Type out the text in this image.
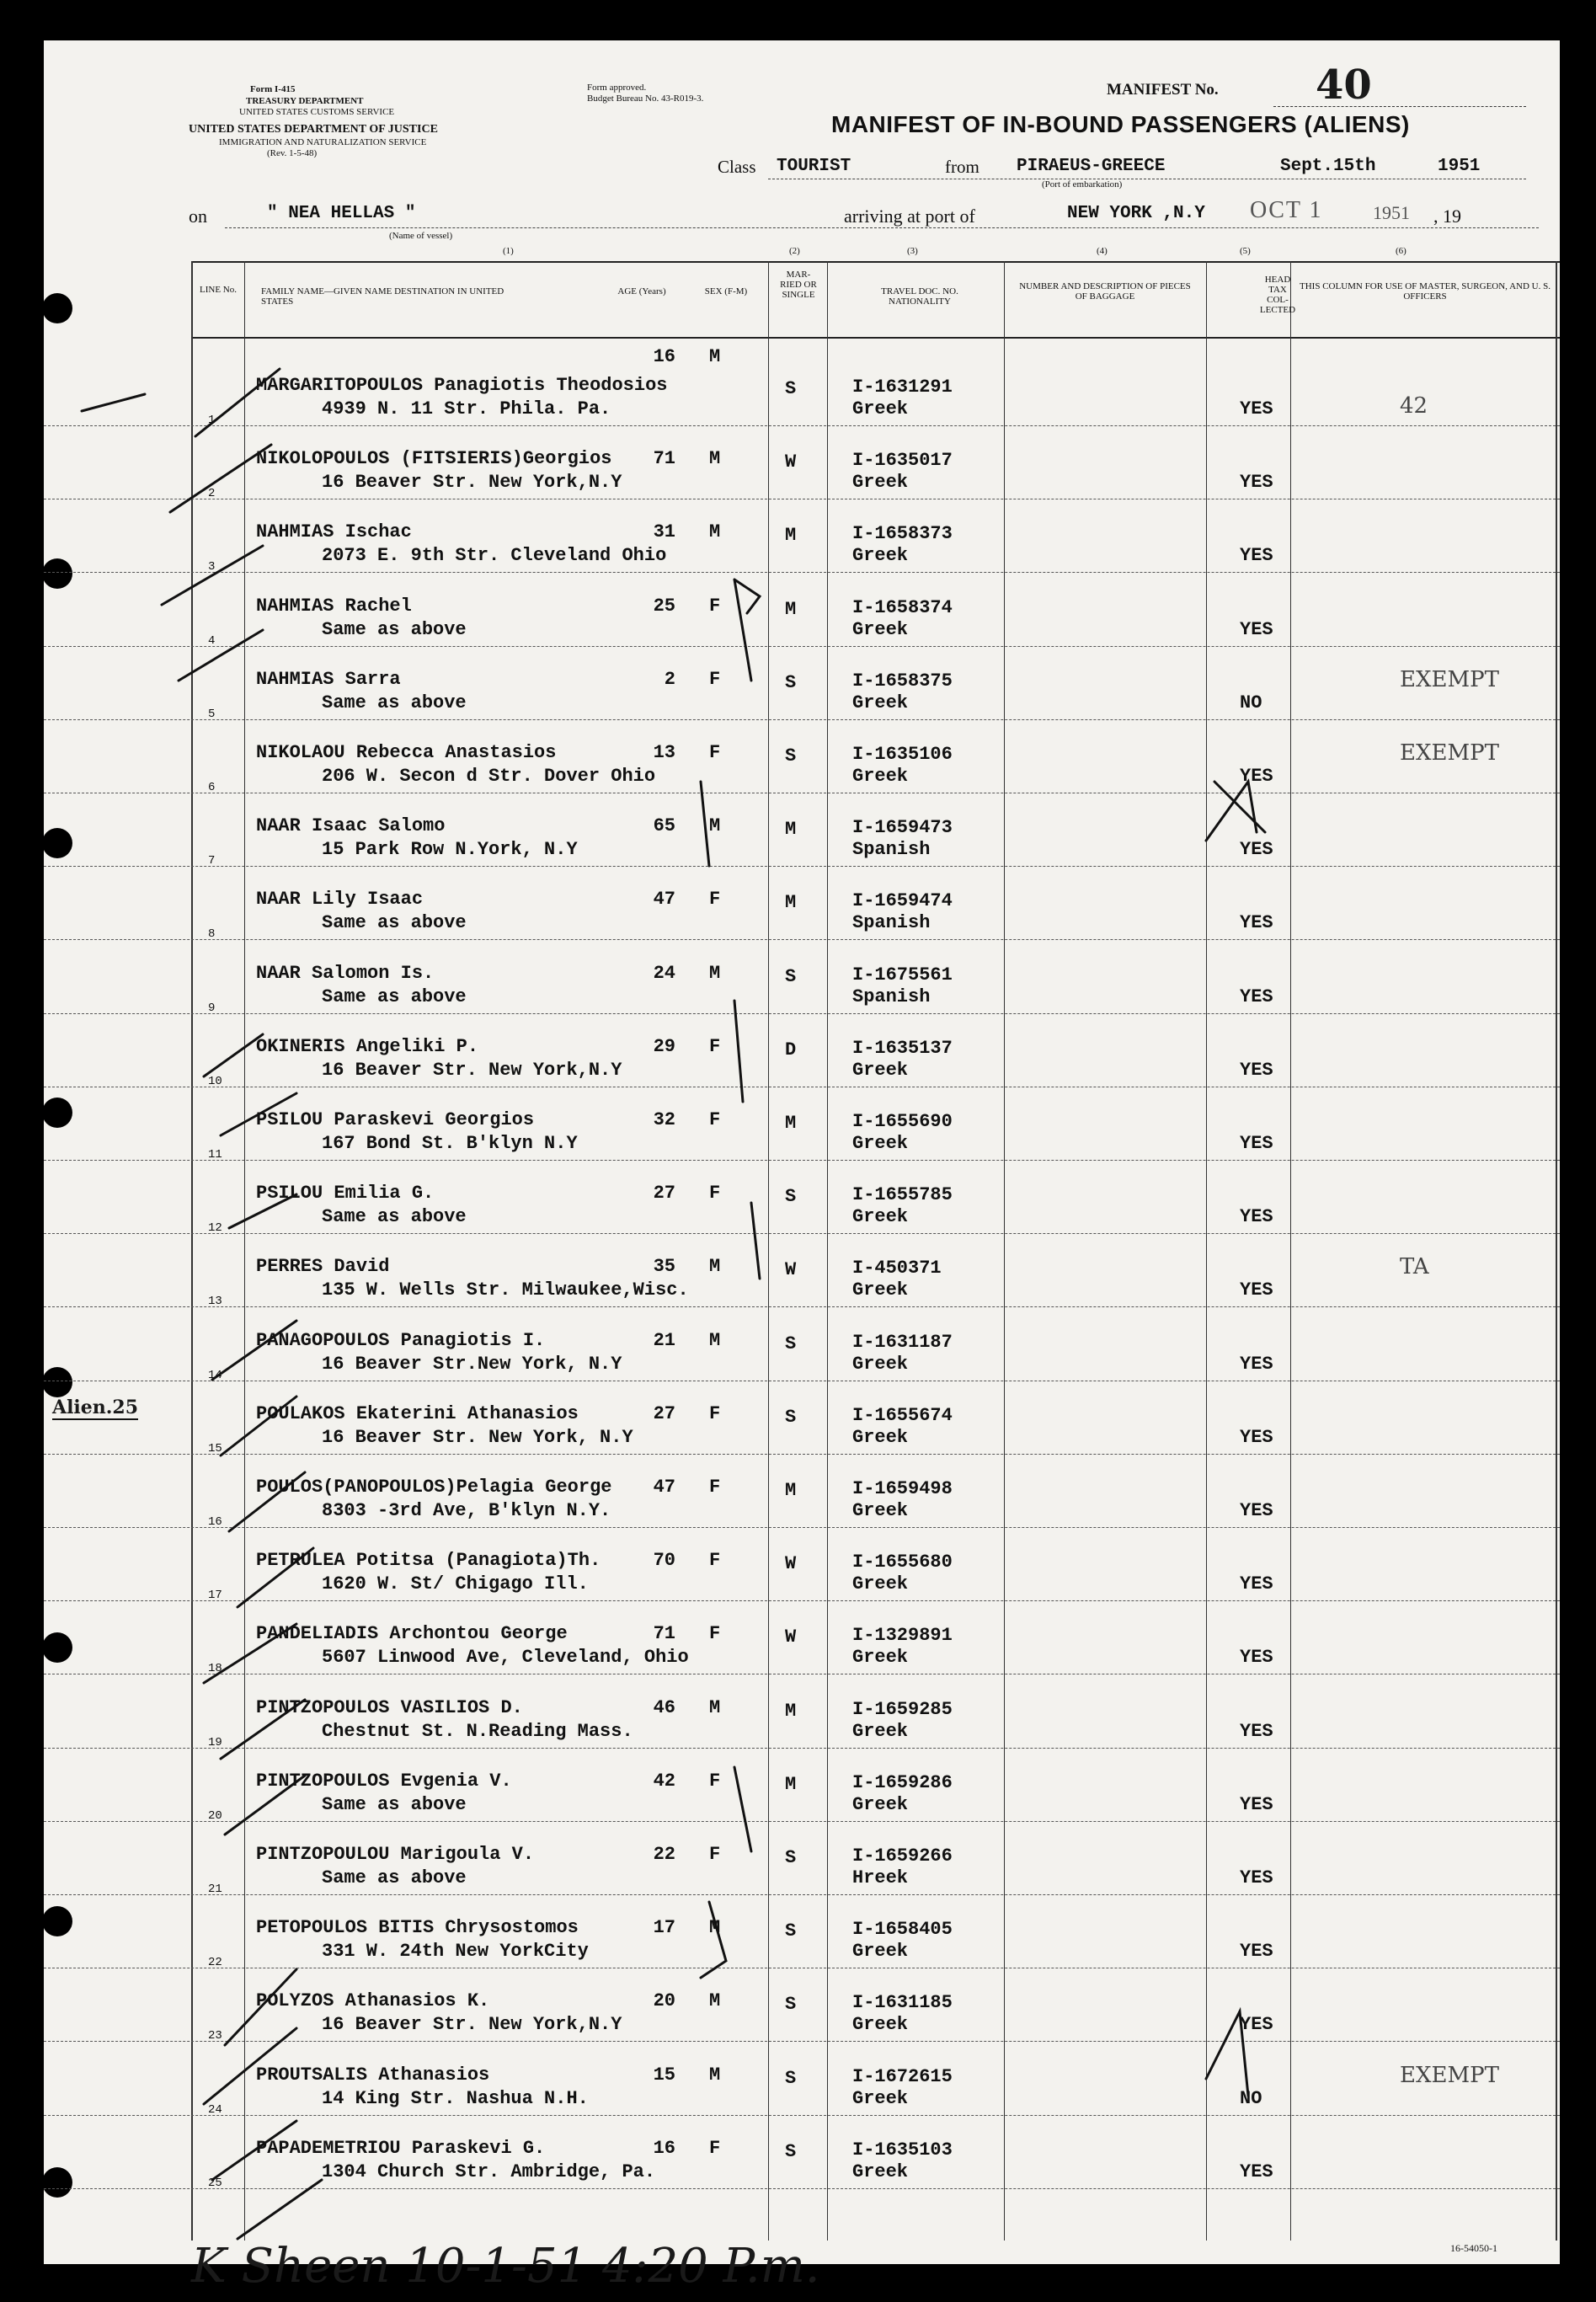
Form I-415
TREASURY DEPARTMENT
UNITED STATES CUSTOMS SERVICE
UNITED STATES DEPARTMENT OF JUSTICE
IMMIGRATION AND NATURALIZATION SERVICE
(Rev. 1-5-48)
Form approved.
Budget Bureau No. 43-R019-3.	MANIFEST No. 40
MANIFEST OF IN-BOUND PASSENGERS (ALIENS)
Class TOURIST	from PIRAEUS-GREECE
(Port of embarkation)
Sept.15th	1951
on	" NEA HELLAS "
(Name of vessel)
arriving at port of	NEW YORK ,N.Y OCT 1	1951 , 19
(1)	(2)	(3)	(4)	(5)	(6)
LINE No.	FAMILY NAME—GIVEN NAME DESTINATION IN UNITED STATES
AGE (Years)	SEX (F-M)
MAR- RIED OR SINGLE	TRAVEL DOC. NO. NATIONALITY
NUMBER AND DESCRIPTION OF PIECES OF BAGGAGE
HEAD TAX COL- LECTED
THIS COLUMN FOR USE OF MASTER, SURGEON, AND U. S. OFFICERS
1
MARGARITOPOULOS Panagiotis Theodosios
4939 N. 11 Str. Phila. Pa.
16 M
S	I-1631291
Greek	YES	42
2
NIKOLOPOULOS (FITSIERIS)Georgios
16 Beaver Str. New York,N.Y
71 M	W	I-1635017
Greek	YES
3
NAHMIAS Ischac
2073 E. 9th Str. Cleveland Ohio
31 M	M	I-1658373
Greek	YES
4
NAHMIAS Rachel
Same as above
25 F	M	I-1658374
Greek	YES
5
NAHMIAS Sarra
Same as above
2 F	S	I-1658375
Greek	NO
EXEMPT
6
NIKOLAOU Rebecca Anastasios
206 W. Secon d Str. Dover Ohio
13 F	S	I-1635106
Greek	YES
EXEMPT
7
NAAR Isaac Salomo
15 Park Row N.York, N.Y
65 M	M	I-1659473
Spanish	YES
8
NAAR Lily Isaac
Same as above
47 F	M	I-1659474
Spanish	YES
9
NAAR Salomon Is.
Same as above
24 M	S	I-1675561
Spanish	YES
10
OKINERIS Angeliki P.
16 Beaver Str. New York,N.Y
29 F	D	I-1635137
Greek	YES
11
PSILOU Paraskevi Georgios
167 Bond St. B'klyn N.Y
32 F	M	I-1655690
Greek	YES
12
PSILOU Emilia G.
Same as above
27 F	S	I-1655785
Greek	YES
13
PERRES David
135 W. Wells Str. Milwaukee,Wisc.
35 M	W	I-450371
Greek	YES
TA
14
PANAGOPOULOS Panagiotis I.
16 Beaver Str.New York, N.Y
21 M	S	I-1631187
Greek	YES
15
POULAKOS Ekaterini Athanasios
16 Beaver Str. New York, N.Y
27 F	S	I-1655674
Greek	YES
16
POULOS(PANOPOULOS)Pelagia George
8303 -3rd Ave, B'klyn N.Y.
47 F	M	I-1659498
Greek	YES
17
PETRULEA Potitsa (Panagiota)Th.
1620 W. St/ Chigago Ill.
70 F	W	I-1655680
Greek	YES
18
PANDELIADIS Archontou George
5607 Linwood Ave, Cleveland, Ohio
71 F	W	I-1329891
Greek	YES
19
PINTZOPOULOS VASILIOS D.
Chestnut St. N.Reading Mass.
46 M	M	I-1659285
Greek	YES
20
PINTZOPOULOS Evgenia V.
Same as above
42 F	M	I-1659286
Greek	YES
21
PINTZOPOULOU Marigoula V.
Same as above
22 F	S	I-1659266
Hreek	YES
22
PETOPOULOS BITIS Chrysostomos
331 W. 24th New YorkCity
17 M	S	I-1658405
Greek	YES
23
POLYZOS Athanasios K.
16 Beaver Str. New York,N.Y
20 M	S	I-1631185
Greek	YES
24
PROUTSALIS Athanasios
14 King Str. Nashua N.H.
15 M	S	I-1672615
Greek	NO
EXEMPT
25
PAPADEMETRIOU Paraskevi G.
1304 Church Str. Ambridge, Pa.
16 F	S	I-1635103
Greek	YES
Alien.25
K Sheen 10-1-51 4:20 P.m.	16-54050-1
